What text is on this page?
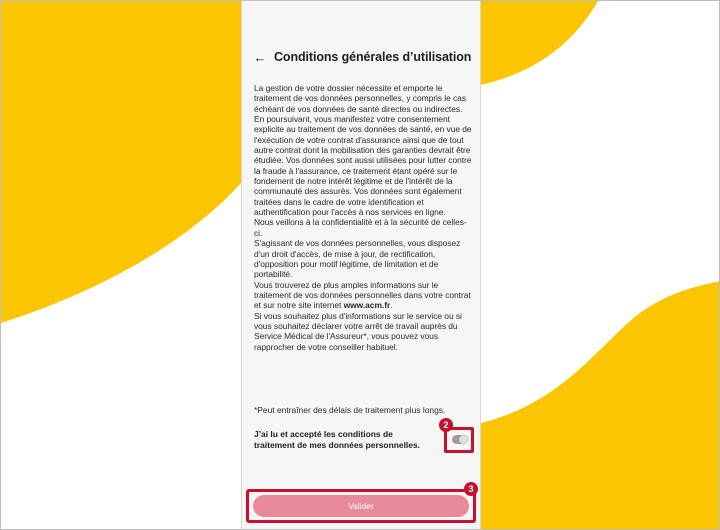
← Conditions générales d’utilisation

La gestion de votre dossier nécessite et emporte le traitement de vos données personnelles, y compris le cas échéant de vos données de santé directes ou indirectes. En poursuivant, vous manifestez votre consentement explicite au traitement de vos données de santé, en vue de l'exécution de votre contrat d'assurance ainsi que de tout autre contrat dont la mobilisation des garanties devrait être étudiée. Vos données sont aussi utilisées pour lutter contre la fraude à l'assurance, ce traitement étant opéré sur le fondement de notre intérêt légitime et de l'intérêt de la communauté des assurés. Vos données sont également traitées dans le cadre de votre identification et authentification pour l'accès à nos services en ligne.

Nous veillons à la confidentialité et à la sécurité de celles-ci.

S'agissant de vos données personnelles, vous disposez d'un droit d'accès, de mise à jour, de rectification, d'opposition pour motif légitime, de limitation et de portabilité.

Vous trouverez de plus amples informations sur le traitement de vos données personnelles dans votre contrat et sur notre site internet www.acm.fr.

Si vous souhaitez plus d'informations sur le service ou si vous souhaitez déclarer votre arrêt de travail auprès du Service Médical de l'Assureur*, vous pouvez vous rapprocher de votre conseiller habituel.

*Peut entraîner des délais de traitement plus longs.
J’ai lu et accepté les conditions de traitement de mes données personnelles.
2
Valider
3
